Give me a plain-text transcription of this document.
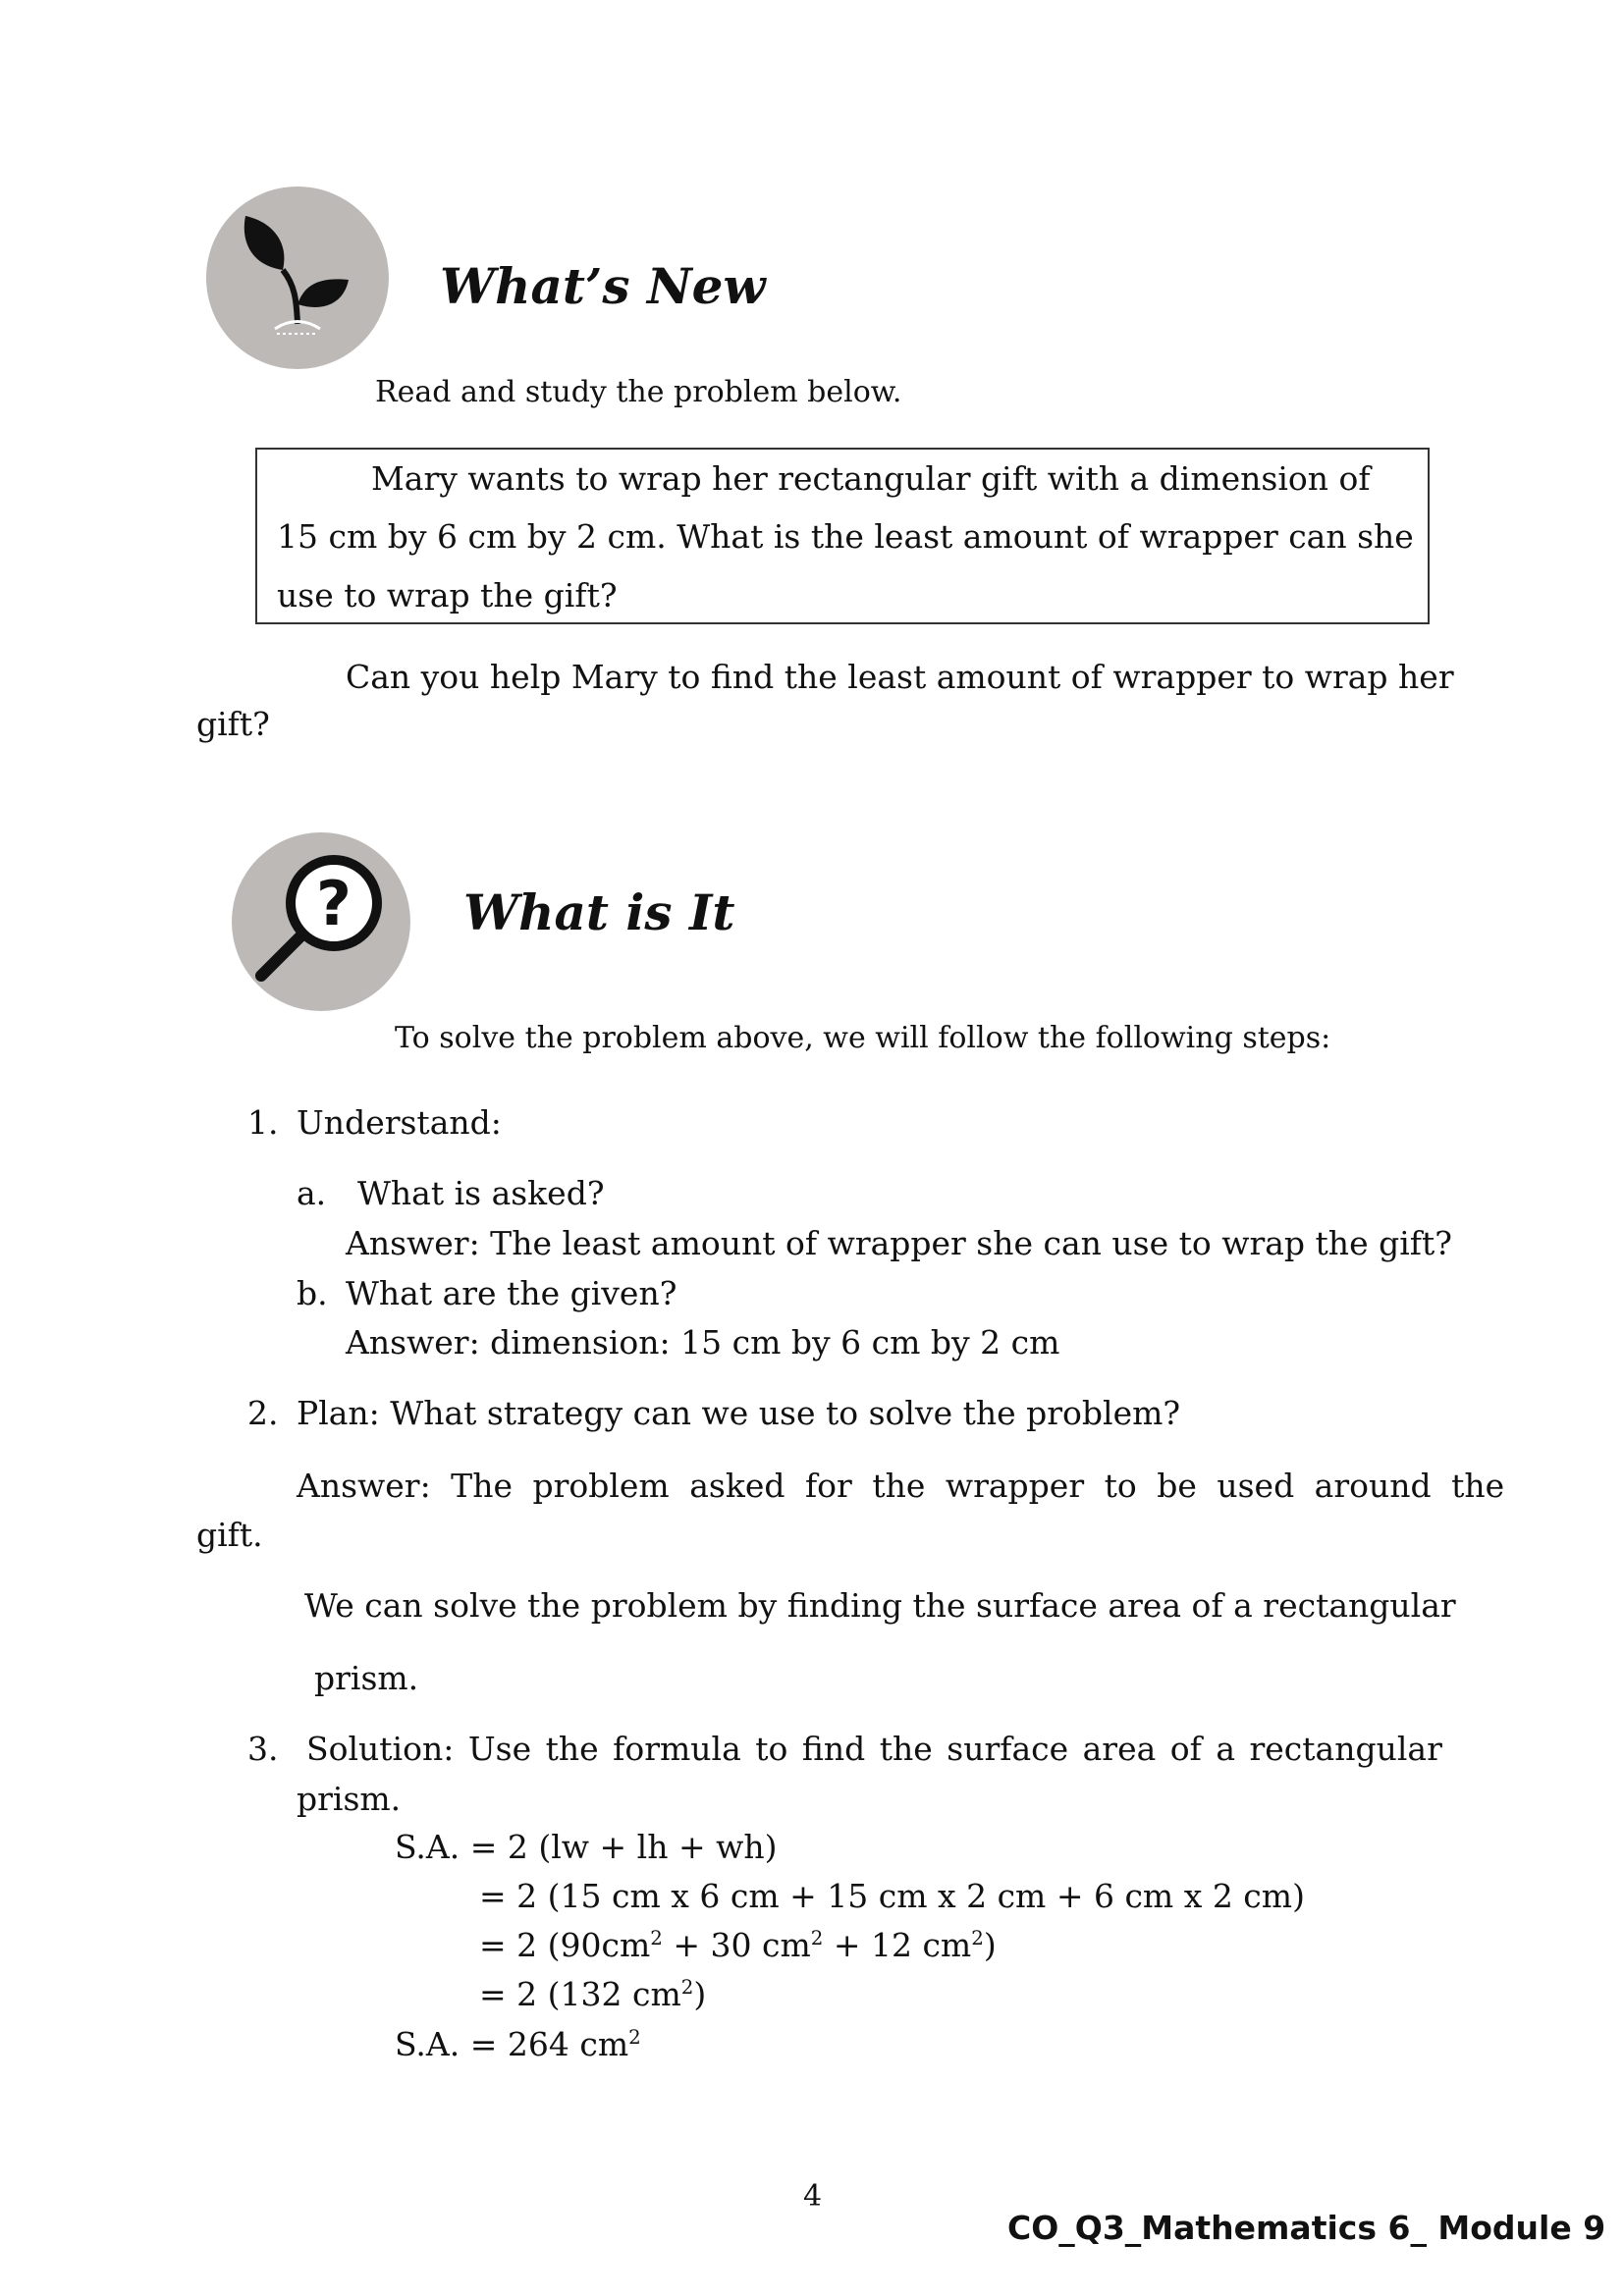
What’s New
Read and study the problem below.
Mary wants to wrap her rectangular gift with a dimension of
15 cm by 6 cm by 2 cm. What is the least amount of wrapper can she
use to wrap the gift?
Can you help Mary to find the least amount of wrapper to wrap her
gift?
? What is It
To solve the problem above, we will follow the following steps:
1. Understand:
a. What is asked?
Answer: The least amount of wrapper she can use to wrap the gift?
b. What are the given?
Answer: dimension: 15 cm by 6 cm by 2 cm
2. Plan: What strategy can we use to solve the problem?
Answer: The problem asked for the wrapper to be used around the
gift.
We can solve the problem by finding the surface area of a rectangular
prism.
3. Solution: Use the formula to find the surface area of a rectangular
prism.
S.A. = 2 (lw + lh + wh)
= 2 (15 cm x 6 cm + 15 cm x 2 cm + 6 cm x 2 cm)
= 2 ($90cm^2 + 30$ $cm^2 + 12$ $cm^2$)
= 2 (132 $cm^2$)
S.A. = 264 $cm^2$
4
CO_Q3_Mathematics 6_ Module 9
